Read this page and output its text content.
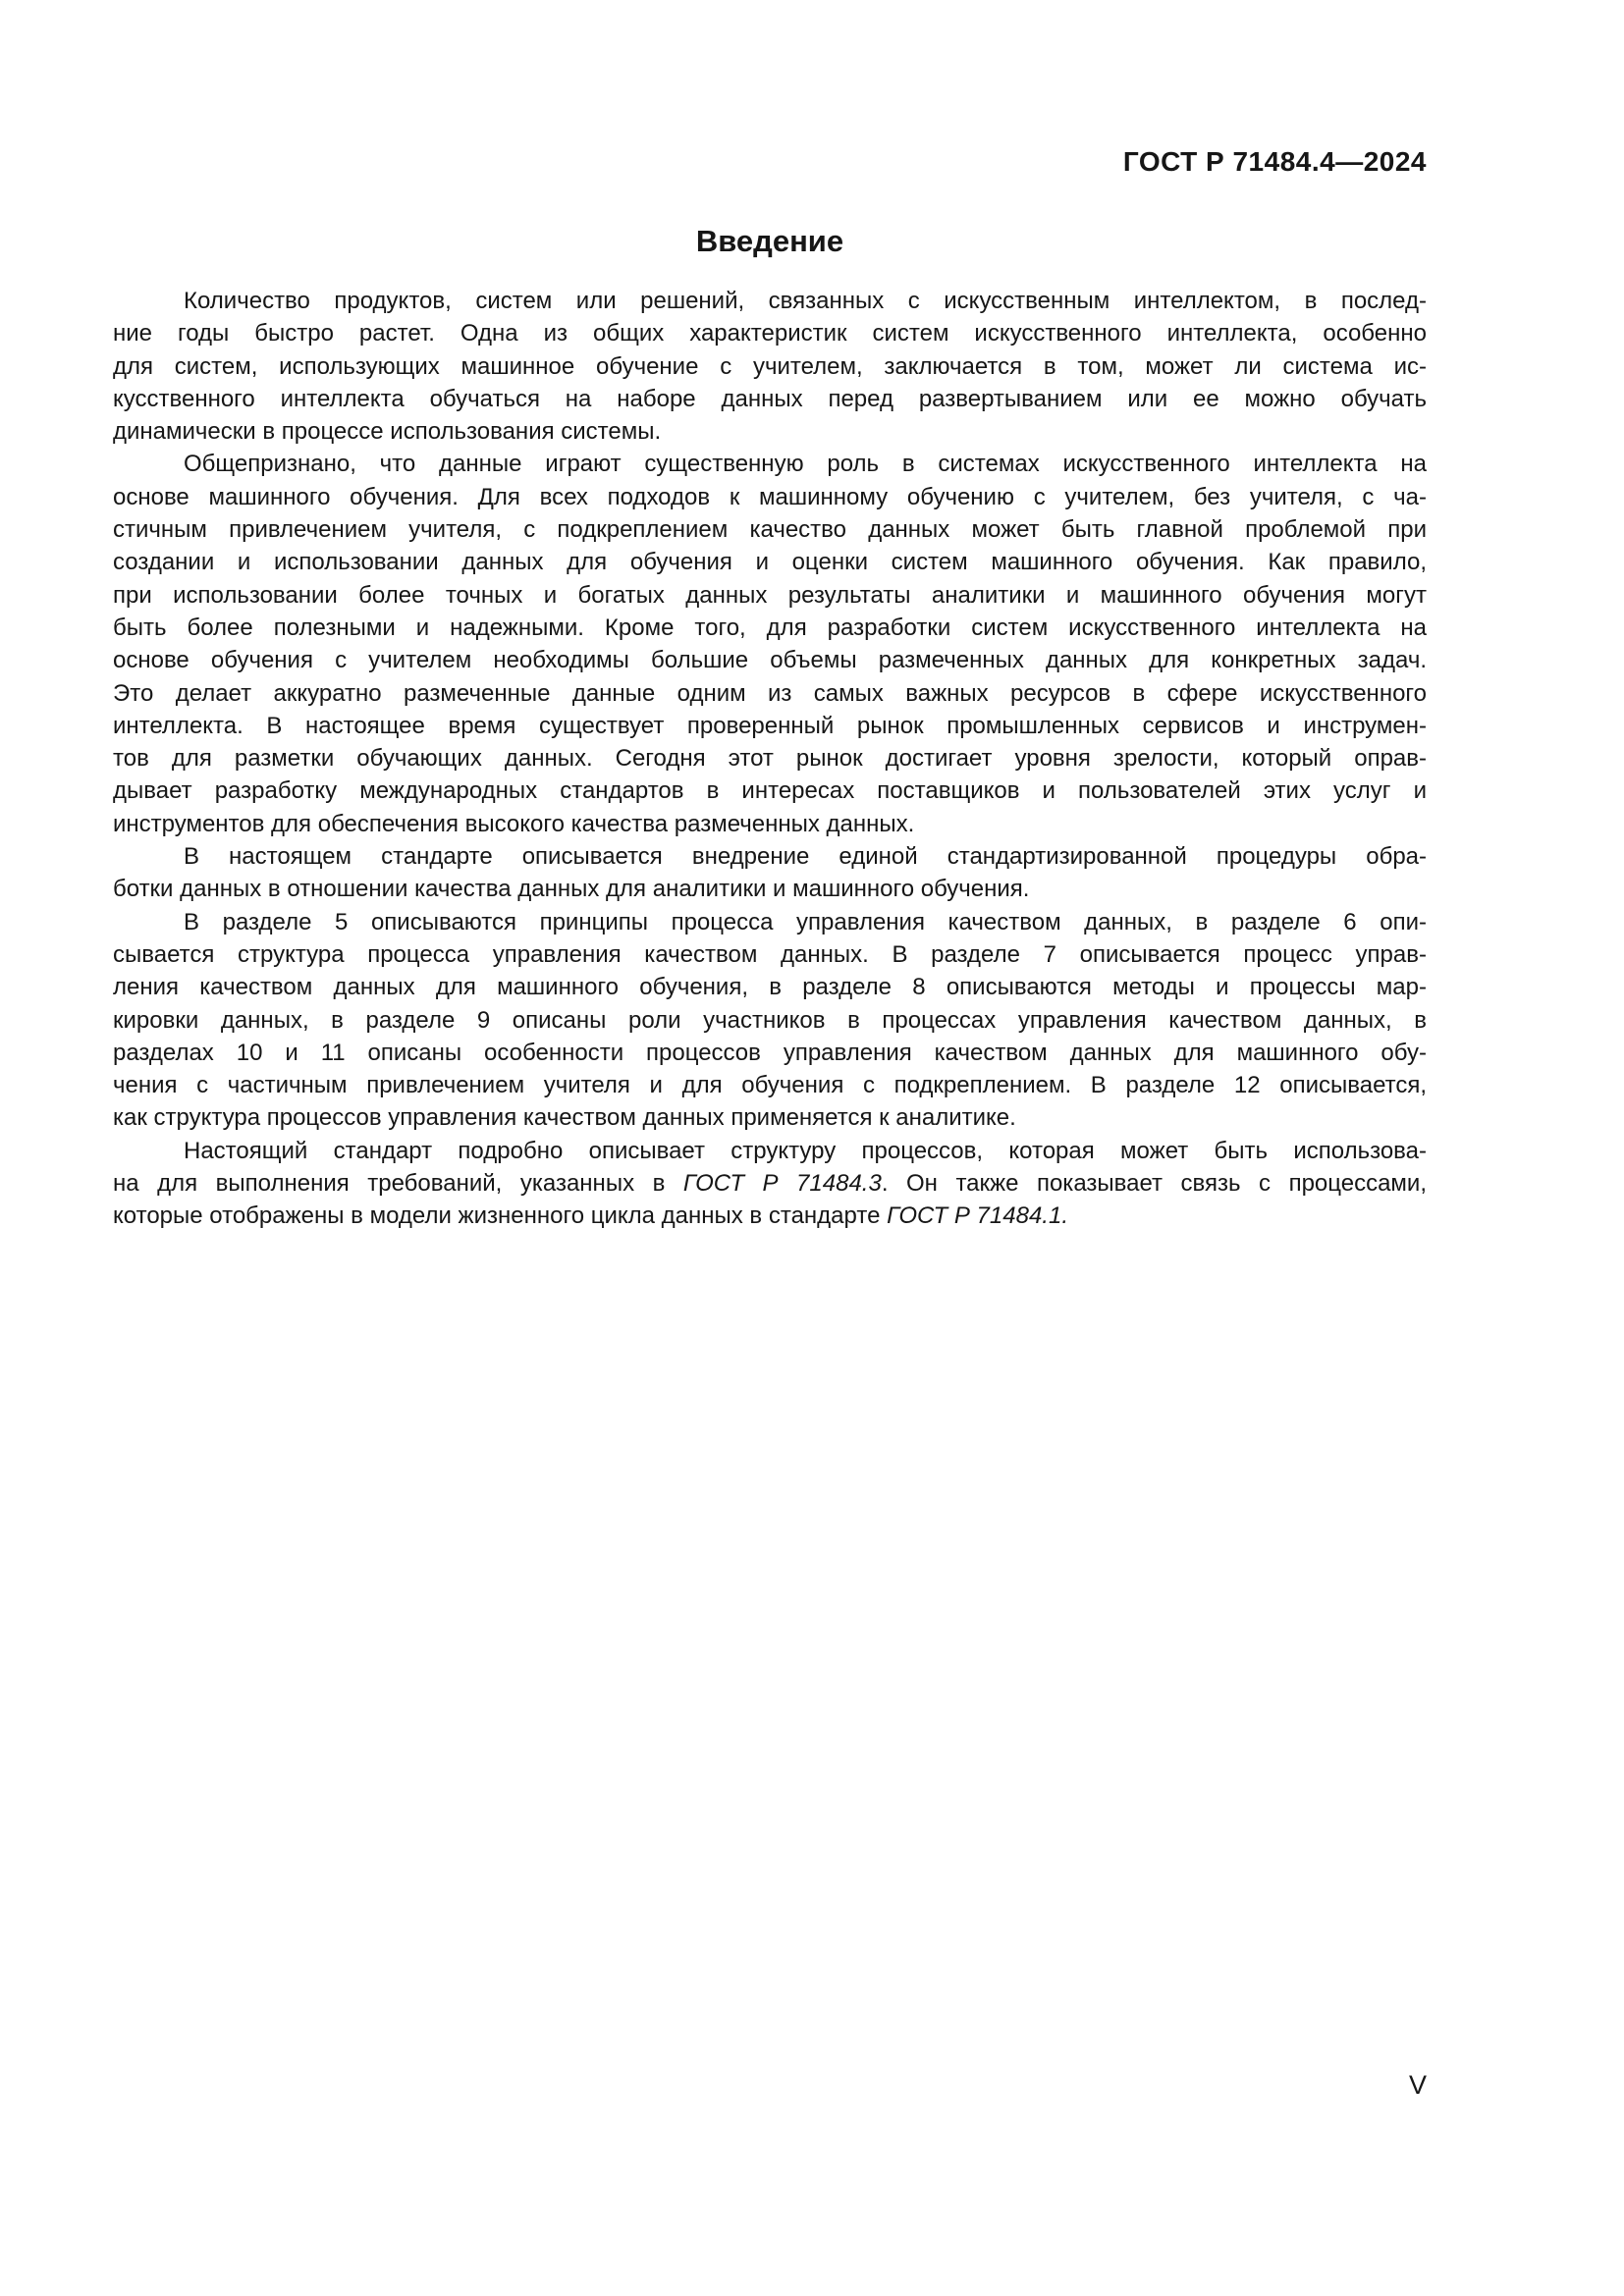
ГОСТ Р 71484.4—2024
Введение
Количество продуктов, систем или решений, связанных с искусственным интеллектом, в послед-
ние годы быстро растет. Одна из общих характеристик систем искусственного интеллекта, особенно
для систем, использующих машинное обучение с учителем, заключается в том, может ли система ис-
кусственного интеллекта обучаться на наборе данных перед развертыванием или ее можно обучать
динамически в процессе использования системы.
Общепризнано, что данные играют существенную роль в системах искусственного интеллекта на
основе машинного обучения. Для всех подходов к машинному обучению с учителем, без учителя, с ча-
стичным привлечением учителя, с подкреплением качество данных может быть главной проблемой при
создании и использовании данных для обучения и оценки систем машинного обучения. Как правило,
при использовании более точных и богатых данных результаты аналитики и машинного обучения могут
быть более полезными и надежными. Кроме того, для разработки систем искусственного интеллекта на
основе обучения с учителем необходимы большие объемы размеченных данных для конкретных задач.
Это делает аккуратно размеченные данные одним из самых важных ресурсов в сфере искусственного
интеллекта. В настоящее время существует проверенный рынок промышленных сервисов и инструмен-
тов для разметки обучающих данных. Сегодня этот рынок достигает уровня зрелости, который оправ-
дывает разработку международных стандартов в интересах поставщиков и пользователей этих услуг и
инструментов для обеспечения высокого качества размеченных данных.
В настоящем стандарте описывается внедрение единой стандартизированной процедуры обра-
ботки данных в отношении качества данных для аналитики и машинного обучения.
В разделе 5 описываются принципы процесса управления качеством данных, в разделе 6 опи-
сывается структура процесса управления качеством данных. В разделе 7 описывается процесс управ-
ления качеством данных для машинного обучения, в разделе 8 описываются методы и процессы мар-
кировки данных, в разделе 9 описаны роли участников в процессах управления качеством данных, в
разделах 10 и 11 описаны особенности процессов управления качеством данных для машинного обу-
чения с частичным привлечением учителя и для обучения с подкреплением. В разделе 12 описывается,
как структура процессов управления качеством данных применяется к аналитике.
Настоящий стандарт подробно описывает структуру процессов, которая может быть использова-
на для выполнения требований, указанных в ГОСТ Р 71484.3. Он также показывает связь с процессами,
которые отображены в модели жизненного цикла данных в стандарте ГОСТ Р 71484.1.
V
